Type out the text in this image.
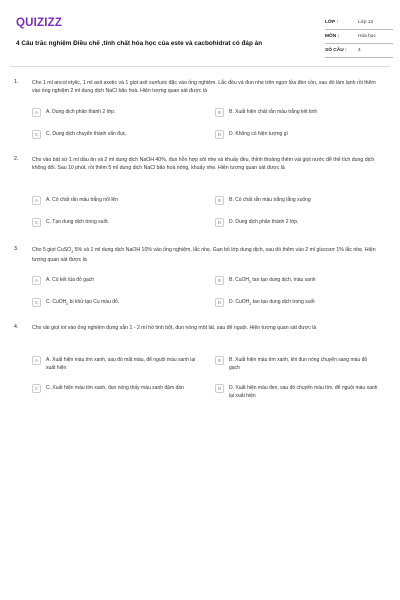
QUIZIZZ
4 Câu trắc nghiệm Điều chế ,tính chất hóa học của este và cacbohidrat có đáp án
LỚP :	Lớp 12
MÔN :	Hóa học
SỐ CÂU : 4
1.	Cho 1 ml ancol etylic, 1 ml axit axetic và 1 giọt axit sunfuric đặc vào ống nghiệm. Lắc đều và đun nhẹ trên ngọn lửa đèn cồn, sau đó làm lạnh rồi thêm vào ống nghiệm 2 ml dung dịch NaCl bão hoà. Hiện tượng quan sát được là
A	A. Dung dịch phân thành 2 lớp.	B	B. Xuất hiện chất rắn màu trắng kết tinh
C	C. Dung dịch chuyển thành vẩn đục,	D	D. Không có hiện tượng gì
2.	Cho vào bát sứ 1 ml dầu ăn và 2 ml dung dịch NaOH 40%, đun hỗn hợp sôi nhẹ và khuấy đều, thỉnh thoảng thêm vài giọt nước để thể tích dung dịch không đổi. Sau 10 phút, rồi thêm 5 ml dung dịch NaCl bão hoà nóng, khuấy nhẹ. Hiện tượng quan sát được là
A	A. Có chất rắn màu trắng nổi lên	B	B. Có chất rắn màu trắng lắng xuống
C	C. Tạo dung dịch trong suốt.	D	D. Dung dịch phân thành 2 lớp.
3.	Cho 5 giọt CuSO$_4$ 5% và 1 ml dung dịch NaOH 10% vào ống nghiệm, lắc nhẹ. Gạn bỏ lớp dung dịch, sau đó thêm vào 2 ml glucozơ 1% lắc nhẹ. Hiện tượng quan sát được là
A	A. Có kết tủa đỏ gạch	B	B. CuOH$_2$ tan tạo dung dịch, màu xanh
C	C. CuOH$_2$ bị khử tạo Cu màu đỏ.	D	D. CuOH$_2$ tan tạo dung dịch trong suốt
4.	Cho vài giọt iot vào ống nghiệm đựng sẵn 1 - 2 ml hồ tinh bột, đun nóng một lát, sau để nguội. Hiện tượng quan sát được là
A	A. Xuất hiện màu tím xanh, sau đó mất màu, để nguội màu xanh lại xuất hiện
B	B. Xuất hiện màu tím xanh, khi đun nóng chuyển sang màu đỏ gạch
C	C. Xuất hiện màu tím xanh, đun nóng thấy màu xanh đậm dần	D	D. Xuất hiện màu đen, sau đó chuyển màu tím, để nguội màu xanh lại xuất hiện
